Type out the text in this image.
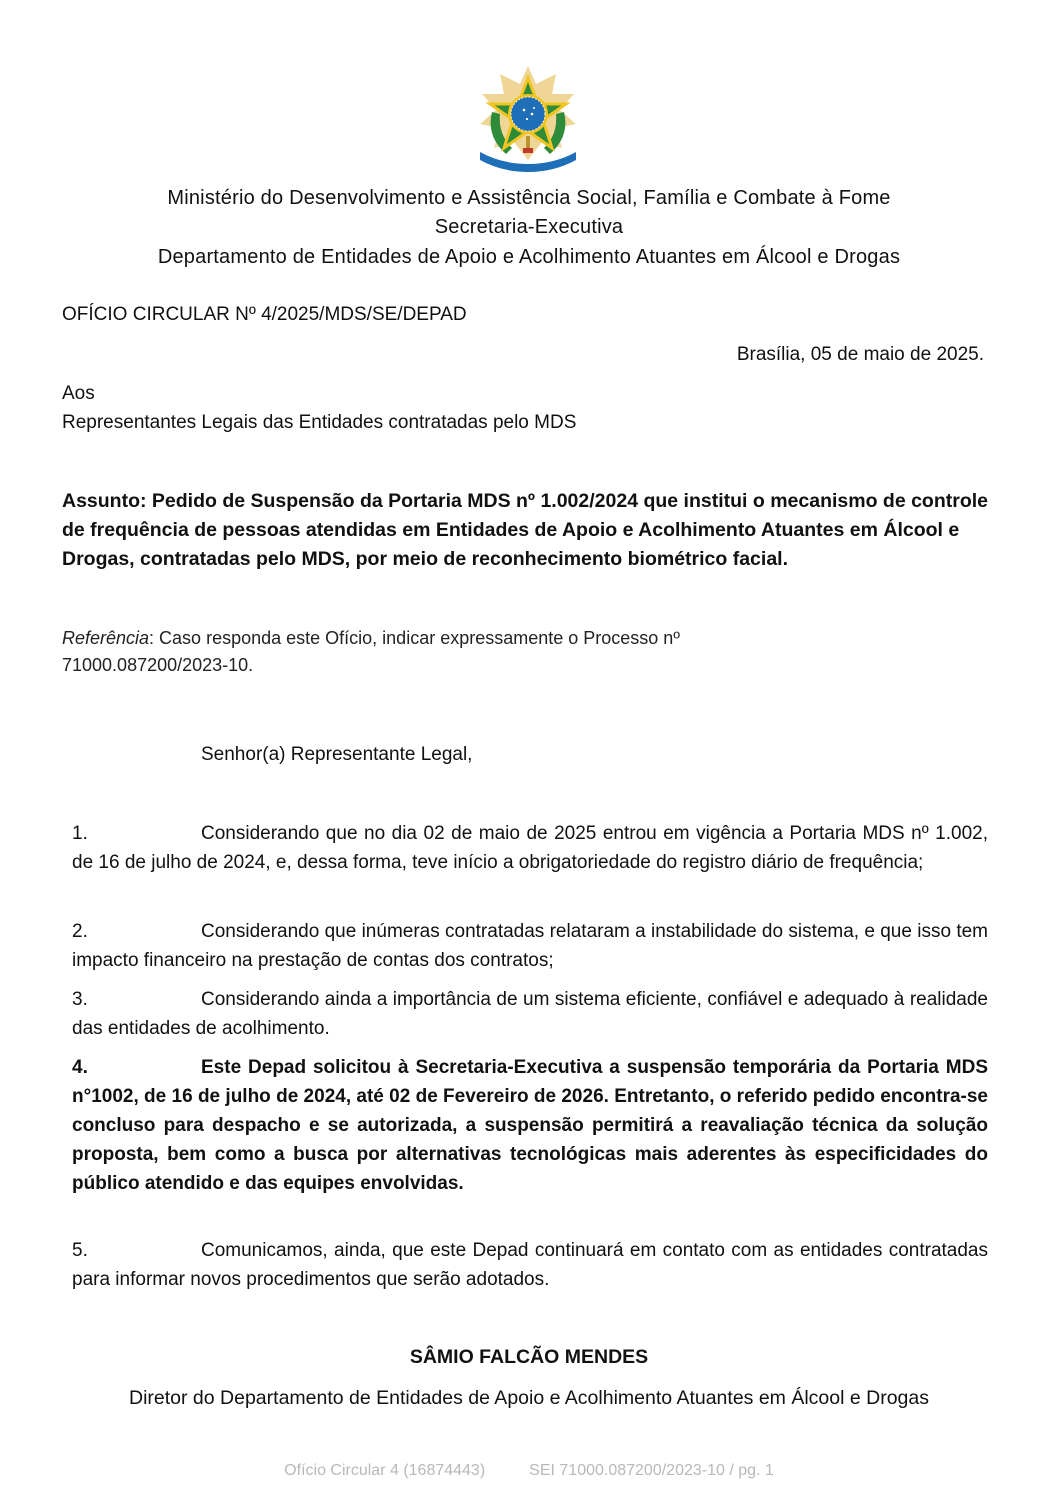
Ministério do Desenvolvimento e Assistência Social, Família e Combate à Fome
Secretaria-Executiva
Departamento de Entidades de Apoio e Acolhimento Atuantes em Álcool e Drogas
OFÍCIO CIRCULAR Nº 4/2025/MDS/SE/DEPAD
Brasília, 05 de maio de 2025.
Aos
Representantes Legais das Entidades contratadas pelo MDS
Assunto: Pedido de Suspensão da Portaria MDS nº 1.002/2024 que institui o mecanismo de controle de frequência de pessoas atendidas em Entidades de Apoio e Acolhimento Atuantes em Álcool e Drogas, contratadas pelo MDS, por meio de reconhecimento biométrico facial.
Referência: Caso responda este Ofício, indicar expressamente o Processo nº 71000.087200/2023-10.
Senhor(a) Representante Legal,
1.	Considerando que no dia 02 de maio de 2025 entrou em vigência a Portaria MDS nº 1.002, de 16 de julho de 2024, e, dessa forma, teve início a obrigatoriedade do registro diário de frequência;
2.	Considerando que inúmeras contratadas relataram a instabilidade do sistema, e que isso tem impacto financeiro na prestação de contas dos contratos;
3.	Considerando ainda a importância de um sistema eficiente, confiável e adequado à realidade das entidades de acolhimento.
4.	Este Depad solicitou à Secretaria-Executiva a suspensão temporária da Portaria MDS n°1002, de 16 de julho de 2024, até 02 de Fevereiro de 2026. Entretanto, o referido pedido encontra-se concluso para despacho e se autorizada, a suspensão permitirá a reavaliação técnica da solução proposta, bem como a busca por alternativas tecnológicas mais aderentes às especificidades do público atendido e das equipes envolvidas.
5.	Comunicamos, ainda, que este Depad continuará em contato com as entidades contratadas para informar novos procedimentos que serão adotados.
SÂMIO FALCÃO MENDES
Diretor do Departamento de Entidades de Apoio e Acolhimento Atuantes em Álcool e Drogas
Ofício Circular 4 (16874443)	SEI 71000.087200/2023-10 / pg. 1
